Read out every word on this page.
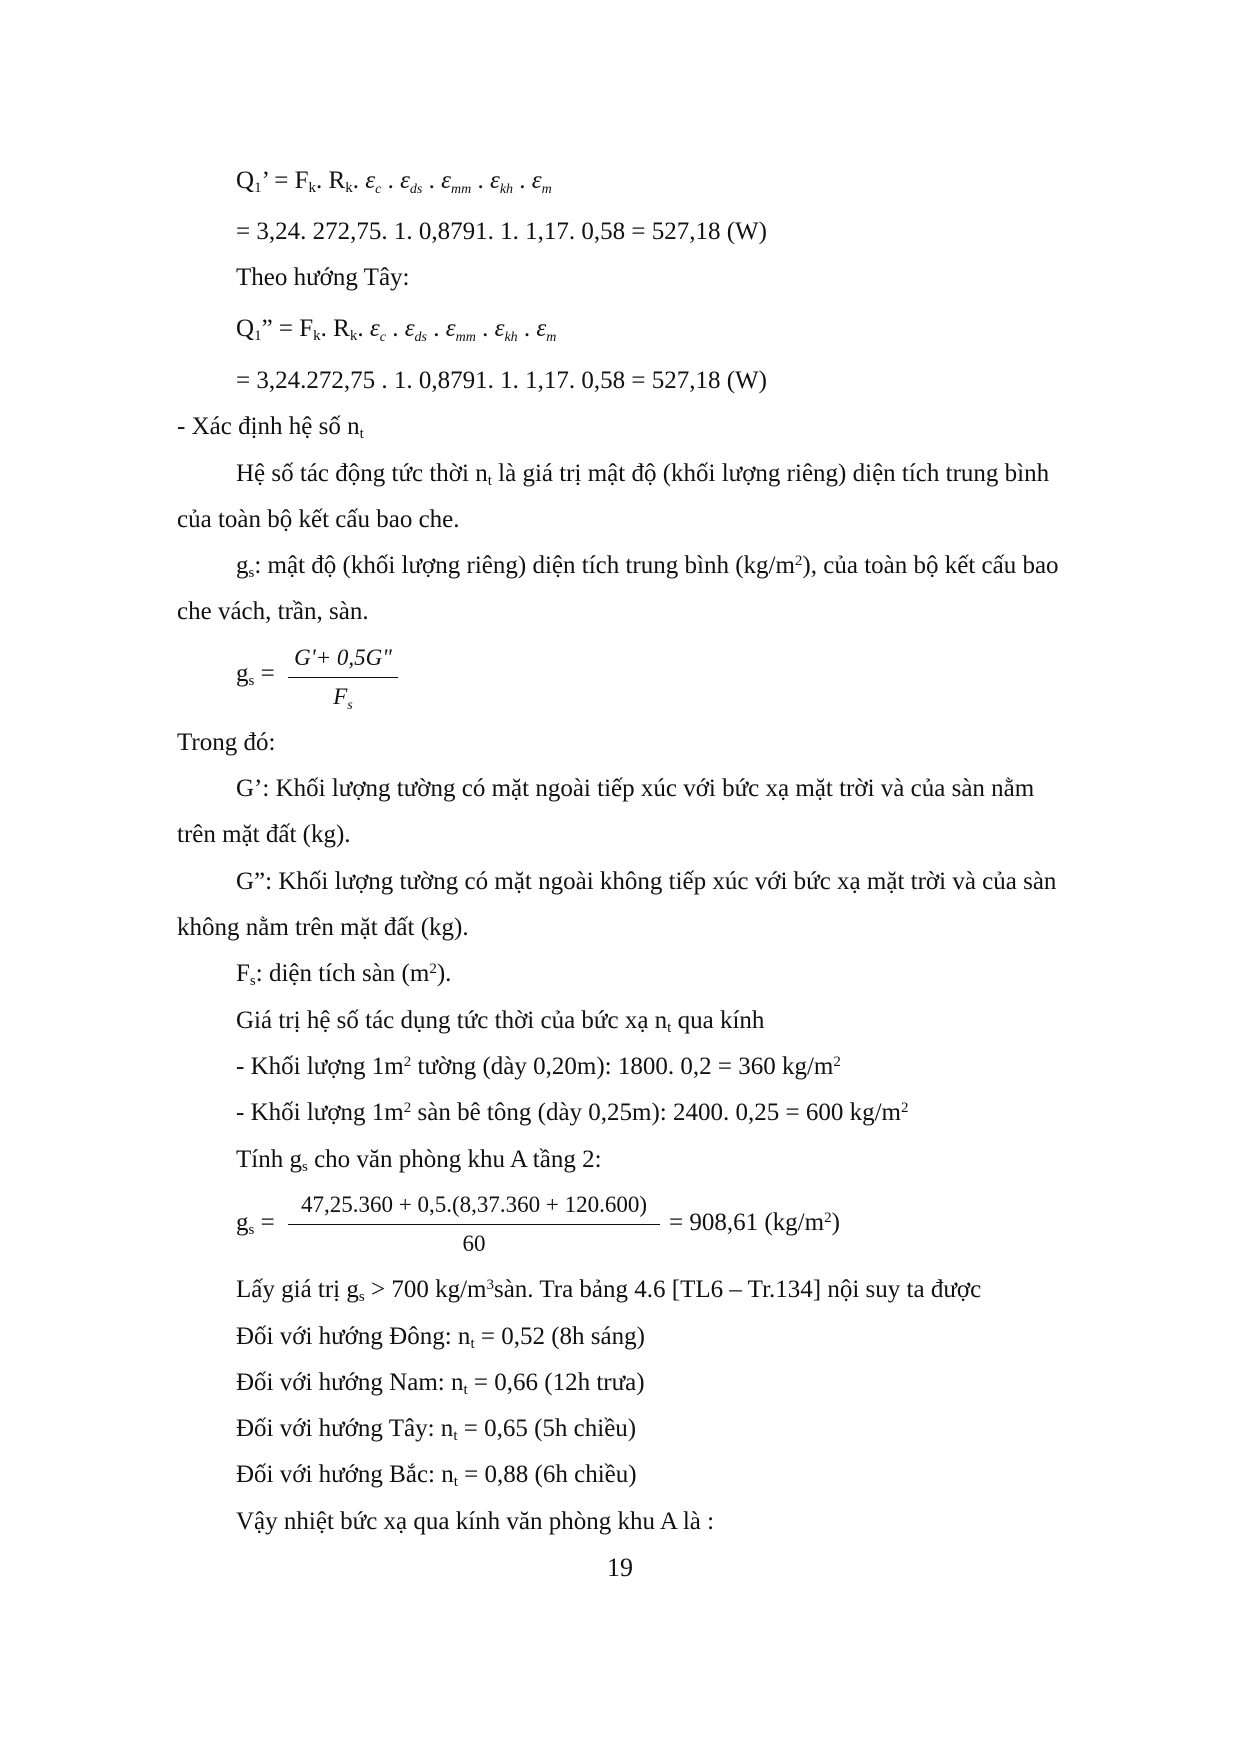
$Q_1$’ = $F_k$. $R_k$. $\varepsilon_c$ . $\varepsilon_{ds}$ . $\varepsilon_{mm}$ . $\varepsilon_{kh}$ . $\varepsilon_m$
= 3,24. 272,75. 1. 0,8791. 1. 1,17. 0,58 = 527,18 (W)
Theo hướng Tây:
$Q_1$” = $F_k$. $R_k$. $\varepsilon_c$ . $\varepsilon_{ds}$ . $\varepsilon_{mm}$ . $\varepsilon_{kh}$ . $\varepsilon_m$
= 3,24.272,75 . 1. 0,8791. 1. 1,17. 0,58 = 527,18 (W)
- Xác định hệ số $n_t$
Hệ số tác động tức thời $n_t$ là giá trị mật độ (khối lượng riêng) diện tích trung bình
của toàn bộ kết cấu bao che.
$g_s$: mật độ (khối lượng riêng) diện tích trung bình $(kg/m^2)$, của toàn bộ kết cấu bao
che vách, trần, sàn.
$g_s$ =
G'+ 0,5G"
$F_s$
Trong đó:
G’: Khối lượng tường có mặt ngoài tiếp xúc với bức xạ mặt trời và của sàn nằm
trên mặt đất (kg).
G”: Khối lượng tường có mặt ngoài không tiếp xúc với bức xạ mặt trời và của sàn
không nằm trên mặt đất (kg).
$F_s$: diện tích sàn $(m^2)$.
Giá trị hệ số tác dụng tức thời của bức xạ $n_t$ qua kính
- Khối lượng $1m^2$ tường (dày 0,20m): 1800. 0,2 = 360 $kg/m^2$
- Khối lượng $1m^2$ sàn bê tông (dày 0,25m): 2400. 0,25 = 600 $kg/m^2$
Tính $g_s$ cho văn phòng khu A tầng 2:
$g_s$ =
47,25.360 + 0,5.(8,37.360 + 120.600)
60
= 908,61 $(kg/m^2)$
Lấy giá trị $g_s > 700$ $kg/m^3sàn$. Tra bảng 4.6 [TL6 – Tr.134] nội suy ta được
Đối với hướng Đông: $n_t = 0,52$ (8h sáng)
Đối với hướng Nam: $n_t = 0,66$ (12h trưa)
Đối với hướng Tây: $n_t = 0,65$ (5h chiều)
Đối với hướng Bắc: $n_t = 0,88$ (6h chiều)
Vậy nhiệt bức xạ qua kính văn phòng khu A là :
19
